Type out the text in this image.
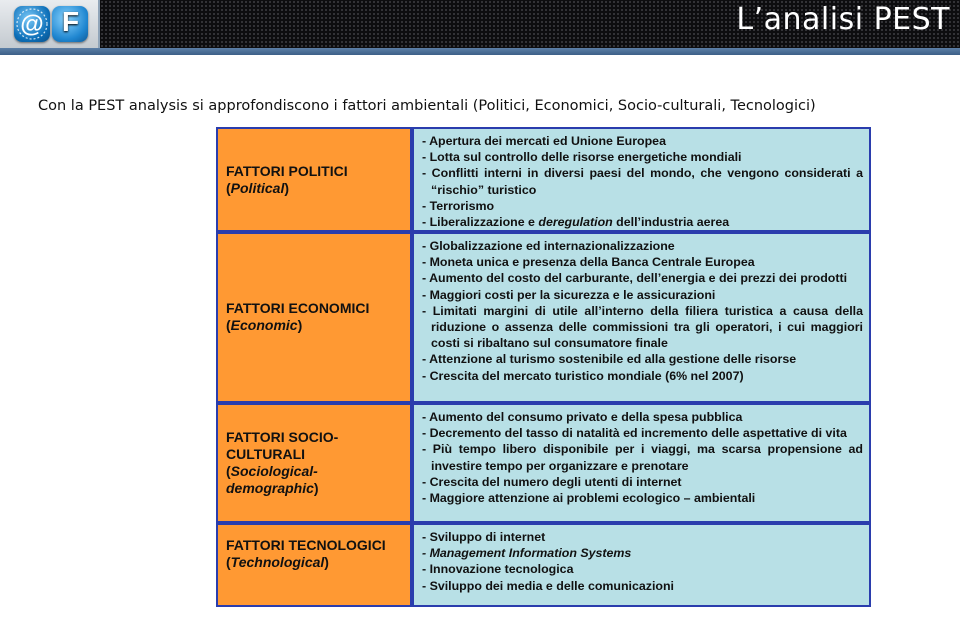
@ F	L’analisi PEST
Con la PEST analysis si approfondiscono i fattori ambientali (Politici, Economici, Socio-culturali, Tecnologici)
FATTORI POLITICI
(Political)
- Apertura dei mercati ed Unione Europea
- Lotta sul controllo delle risorse energetiche mondiali
- Conflitti interni in diversi paesi del mondo, che vengono considerati a “rischio” turistico
- Terrorismo
- Liberalizzazione e deregulation dell’industria aerea
FATTORI ECONOMICI
(Economic)
- Globalizzazione ed internazionalizzazione
- Moneta unica e presenza della Banca Centrale Europea
- Aumento del costo del carburante, dell’energia e dei prezzi dei prodotti
- Maggiori costi per la sicurezza e le assicurazioni
- Limitati margini di utile all’interno della filiera turistica a causa della riduzione o assenza delle commissioni tra gli operatori, i cui maggiori costi si ribaltano sul consumatore finale
- Attenzione al turismo sostenibile ed alla gestione delle risorse
- Crescita del mercato turistico mondiale (6% nel 2007)
FATTORI SOCIO-CULTURALI
(Sociological-demographic)
- Aumento del consumo privato e della spesa pubblica
- Decremento del tasso di natalità ed incremento delle aspettative di vita
- Più tempo libero disponibile per i viaggi, ma scarsa propensione ad investire tempo per organizzare e prenotare
- Crescita del numero degli utenti di internet
- Maggiore attenzione ai problemi ecologico – ambientali
FATTORI TECNOLOGICI
(Technological)
- Sviluppo di internet
- Management Information Systems
- Innovazione tecnologica
- Sviluppo dei media e delle comunicazioni
